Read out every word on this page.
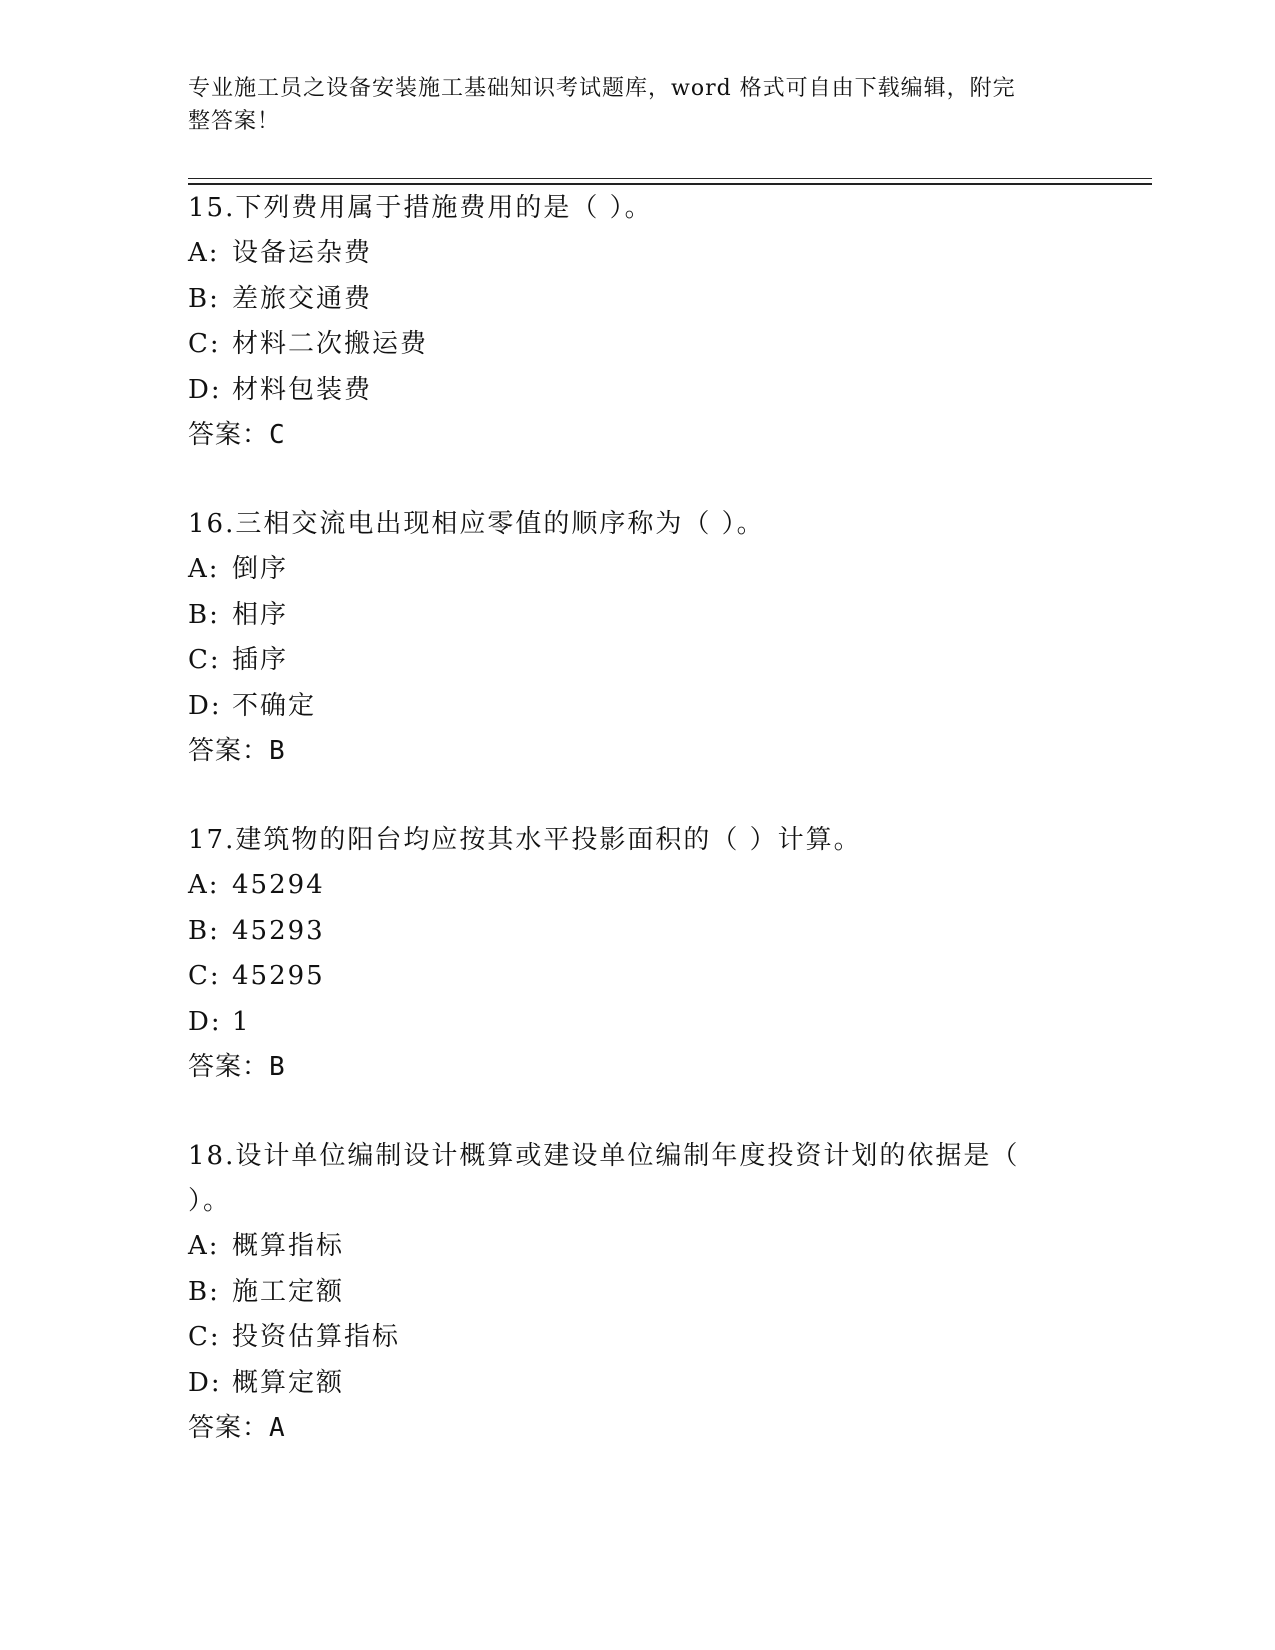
专业施工员之设备安装施工基础知识考试题库，word 格式可自由下载编辑，附完
整答案！
15.下列费用属于措施费用的是（ ）。
A: 设备运杂费
B: 差旅交通费
C: 材料二次搬运费
D: 材料包装费
答案：C
16.三相交流电出现相应零值的顺序称为（ ）。
A: 倒序
B: 相序
C: 插序
D: 不确定
答案：B
17.建筑物的阳台均应按其水平投影面积的（ ）计算。
A: 45294
B: 45293
C: 45295
D: 1
答案：B
18.设计单位编制设计概算或建设单位编制年度投资计划的依据是（
）。
A: 概算指标
B: 施工定额
C: 投资估算指标
D: 概算定额
答案：A
